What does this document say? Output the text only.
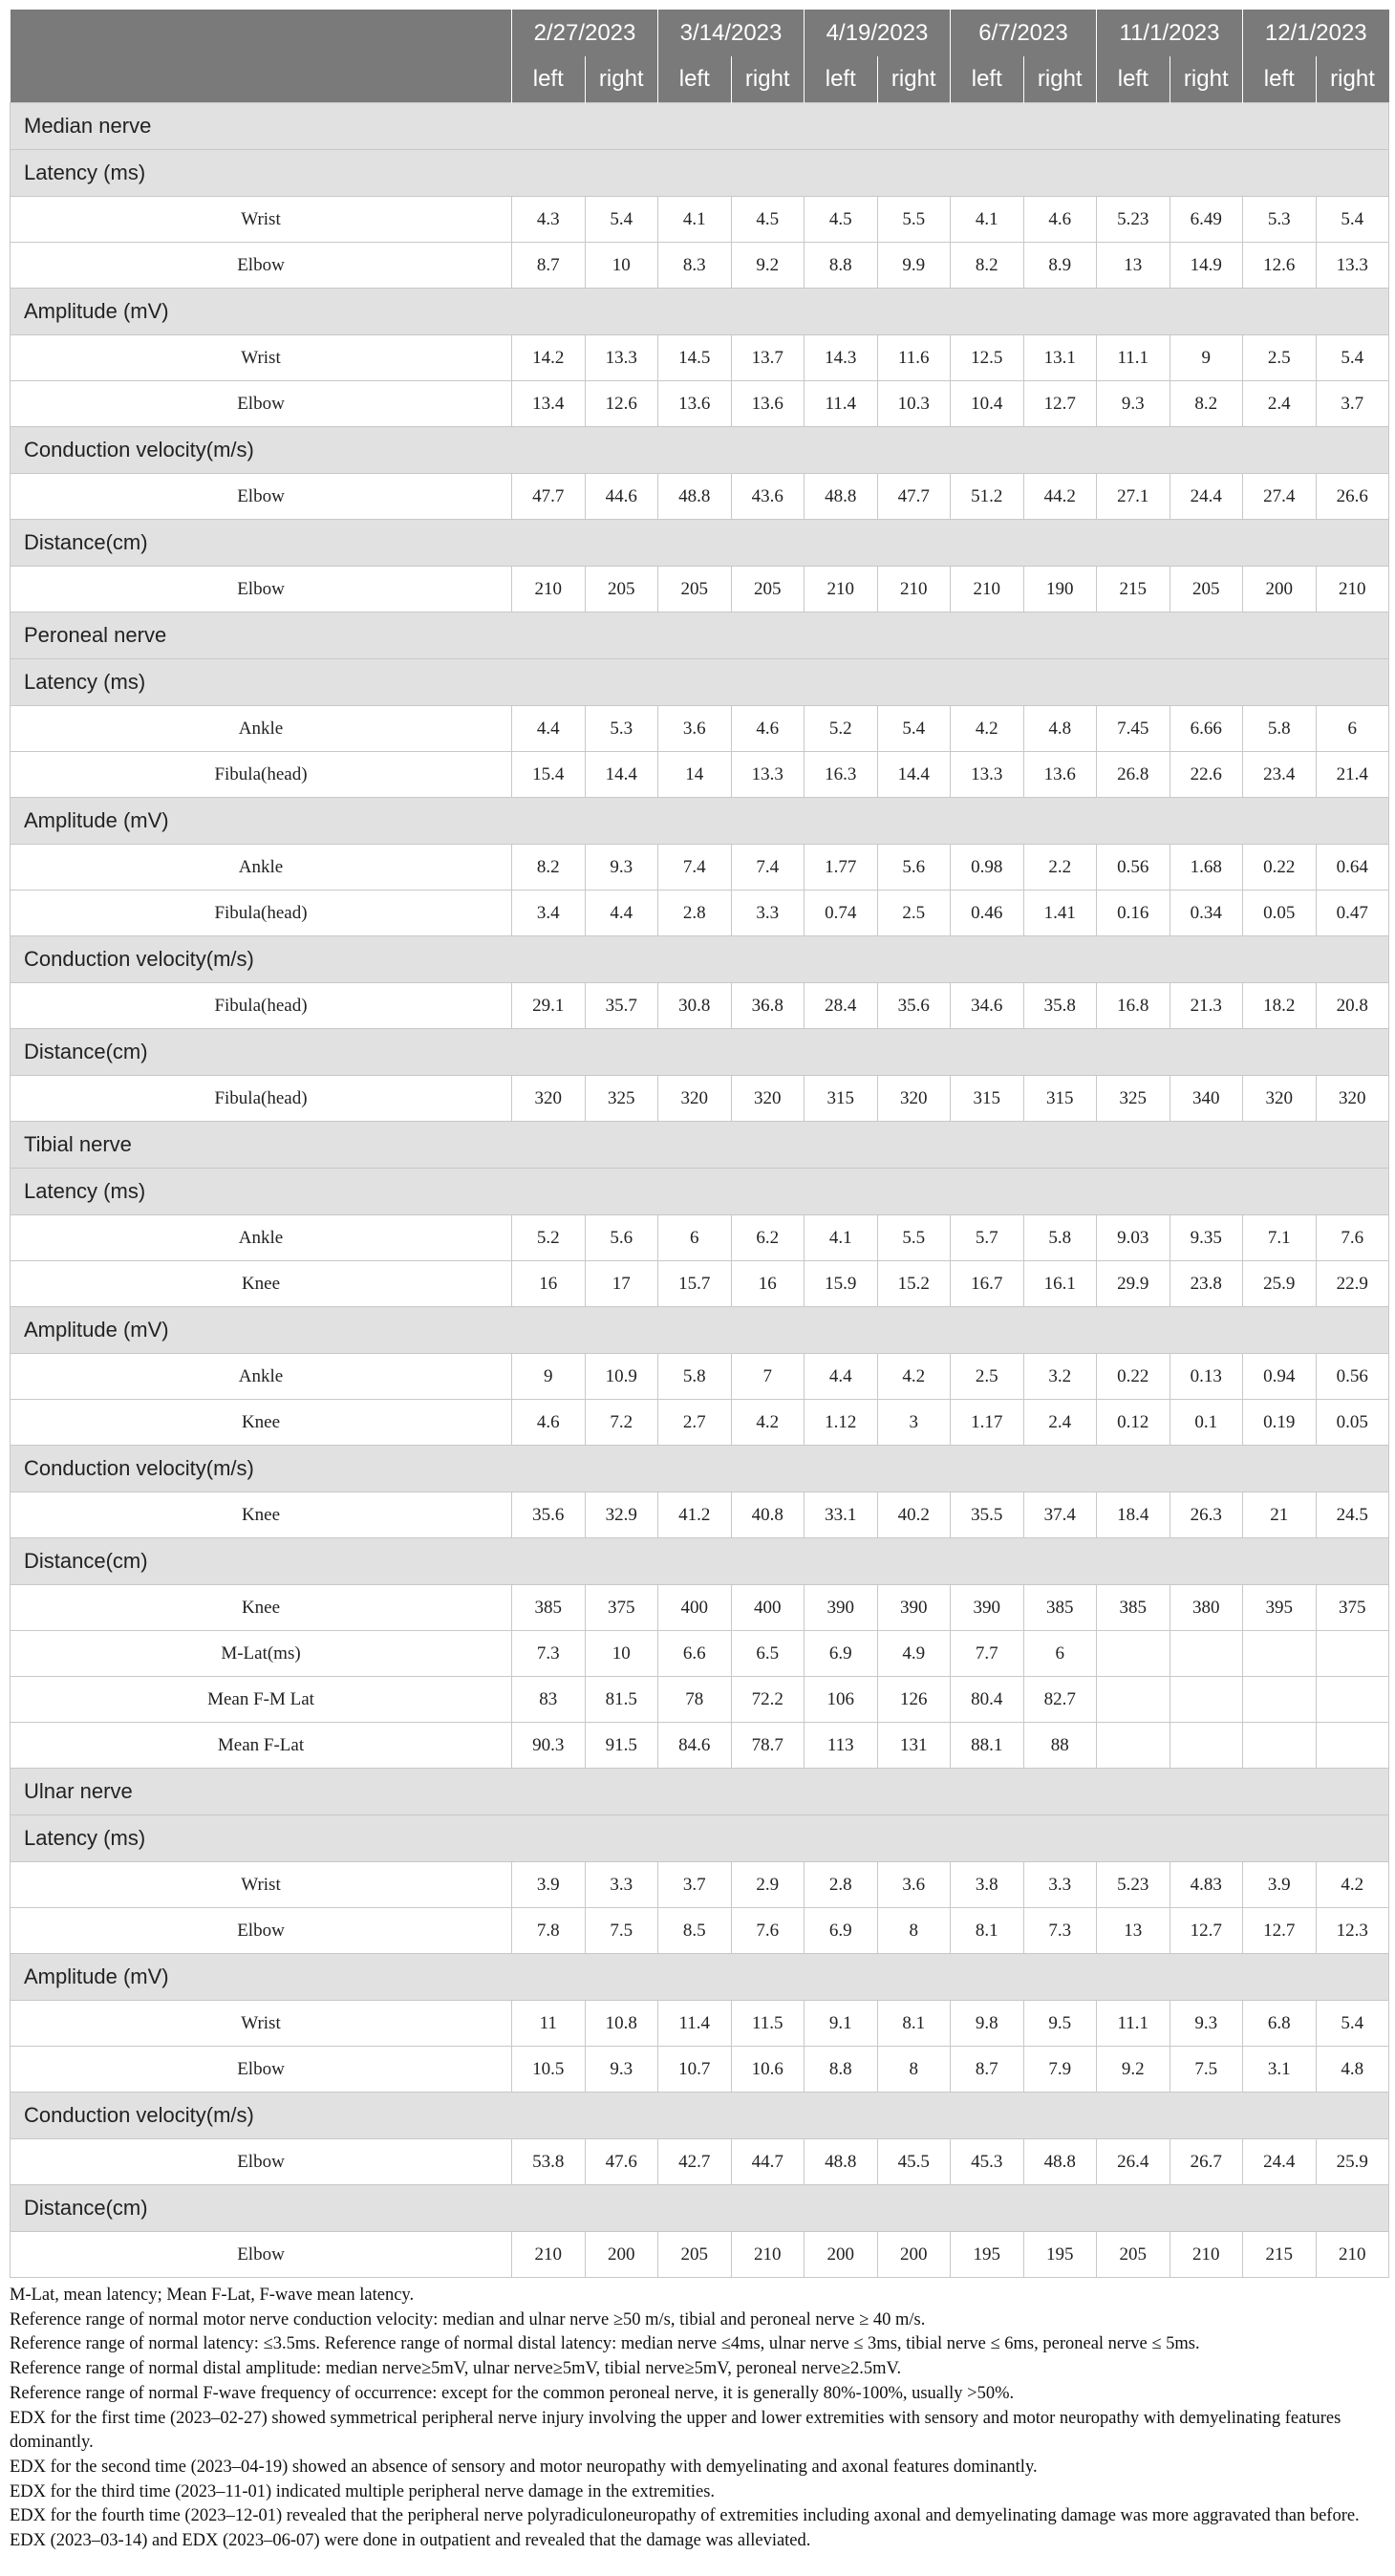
	2/27/2023		3/14/2023		4/19/2023		6/7/2023		11/1/2023		12/1/2023	
	left	right	left	right	left	right	left	right	left	right	left	right
Median nerve												
Latency (ms)												
Wrist	4.3	5.4	4.1	4.5	4.5	5.5	4.1	4.6	5.23	6.49	5.3	5.4
Elbow	8.7	10	8.3	9.2	8.8	9.9	8.2	8.9	13	14.9	12.6	13.3
Amplitude (mV)												
Wrist	14.2	13.3	14.5	13.7	14.3	11.6	12.5	13.1	11.1	9	2.5	5.4
Elbow	13.4	12.6	13.6	13.6	11.4	10.3	10.4	12.7	9.3	8.2	2.4	3.7
Conduction velocity(m/s)												
Elbow	47.7	44.6	48.8	43.6	48.8	47.7	51.2	44.2	27.1	24.4	27.4	26.6
Distance(cm)												
Elbow	210	205	205	205	210	210	210	190	215	205	200	210
Peroneal nerve												
Latency (ms)												
Ankle	4.4	5.3	3.6	4.6	5.2	5.4	4.2	4.8	7.45	6.66	5.8	6
Fibula(head)	15.4	14.4	14	13.3	16.3	14.4	13.3	13.6	26.8	22.6	23.4	21.4
Amplitude (mV)												
Ankle	8.2	9.3	7.4	7.4	1.77	5.6	0.98	2.2	0.56	1.68	0.22	0.64
Fibula(head)	3.4	4.4	2.8	3.3	0.74	2.5	0.46	1.41	0.16	0.34	0.05	0.47
Conduction velocity(m/s)												
Fibula(head)	29.1	35.7	30.8	36.8	28.4	35.6	34.6	35.8	16.8	21.3	18.2	20.8
Distance(cm)												
Fibula(head)	320	325	320	320	315	320	315	315	325	340	320	320
Tibial nerve												
Latency (ms)												
Ankle	5.2	5.6	6	6.2	4.1	5.5	5.7	5.8	9.03	9.35	7.1	7.6
Knee	16	17	15.7	16	15.9	15.2	16.7	16.1	29.9	23.8	25.9	22.9
Amplitude (mV)												
Ankle	9	10.9	5.8	7	4.4	4.2	2.5	3.2	0.22	0.13	0.94	0.56
Knee	4.6	7.2	2.7	4.2	1.12	3	1.17	2.4	0.12	0.1	0.19	0.05
Conduction velocity(m/s)												
Knee	35.6	32.9	41.2	40.8	33.1	40.2	35.5	37.4	18.4	26.3	21	24.5
Distance(cm)												
Knee	385	375	400	400	390	390	390	385	385	380	395	375
M-Lat(ms)	7.3	10	6.6	6.5	6.9	4.9	7.7	6				
Mean F-M Lat	83	81.5	78	72.2	106	126	80.4	82.7				
Mean F-Lat	90.3	91.5	84.6	78.7	113	131	88.1	88				
Ulnar nerve												
Latency (ms)												
Wrist	3.9	3.3	3.7	2.9	2.8	3.6	3.8	3.3	5.23	4.83	3.9	4.2
Elbow	7.8	7.5	8.5	7.6	6.9	8	8.1	7.3	13	12.7	12.7	12.3
Amplitude (mV)												
Wrist	11	10.8	11.4	11.5	9.1	8.1	9.8	9.5	11.1	9.3	6.8	5.4
Elbow	10.5	9.3	10.7	10.6	8.8	8	8.7	7.9	9.2	7.5	3.1	4.8
Conduction velocity(m/s)												
Elbow	53.8	47.6	42.7	44.7	48.8	45.5	45.3	48.8	26.4	26.7	24.4	25.9
Distance(cm)												
Elbow	210	200	205	210	200	200	195	195	205	210	215	210

M-Lat, mean latency; Mean F-Lat, F-wave mean latency.

Reference range of normal motor nerve conduction velocity: median and ulnar nerve ≥50 m/s, tibial and peroneal nerve ≥ 40 m/s.

Reference range of normal latency: ≤3.5ms. Reference range of normal distal latency: median nerve ≤4ms, ulnar nerve ≤ 3ms, tibial nerve ≤ 6ms, peroneal nerve ≤ 5ms.

Reference range of normal distal amplitude: median nerve≥5mV, ulnar nerve≥5mV, tibial nerve≥5mV, peroneal nerve≥2.5mV.

Reference range of normal F-wave frequency of occurrence: except for the common peroneal nerve, it is generally 80%-100%, usually >50%.

EDX for the first time (2023–02-27) showed symmetrical peripheral nerve injury involving the upper and lower extremities with sensory and motor neuropathy with demyelinating features dominantly.

EDX for the second time (2023–04-19) showed an absence of sensory and motor neuropathy with demyelinating and axonal features dominantly.

EDX for the third time (2023–11-01) indicated multiple peripheral nerve damage in the extremities.

EDX for the fourth time (2023–12-01) revealed that the peripheral nerve polyradiculoneuropathy of extremities including axonal and demyelinating damage was more aggravated than before.

EDX (2023–03-14) and EDX (2023–06-07) were done in outpatient and revealed that the damage was alleviated.
